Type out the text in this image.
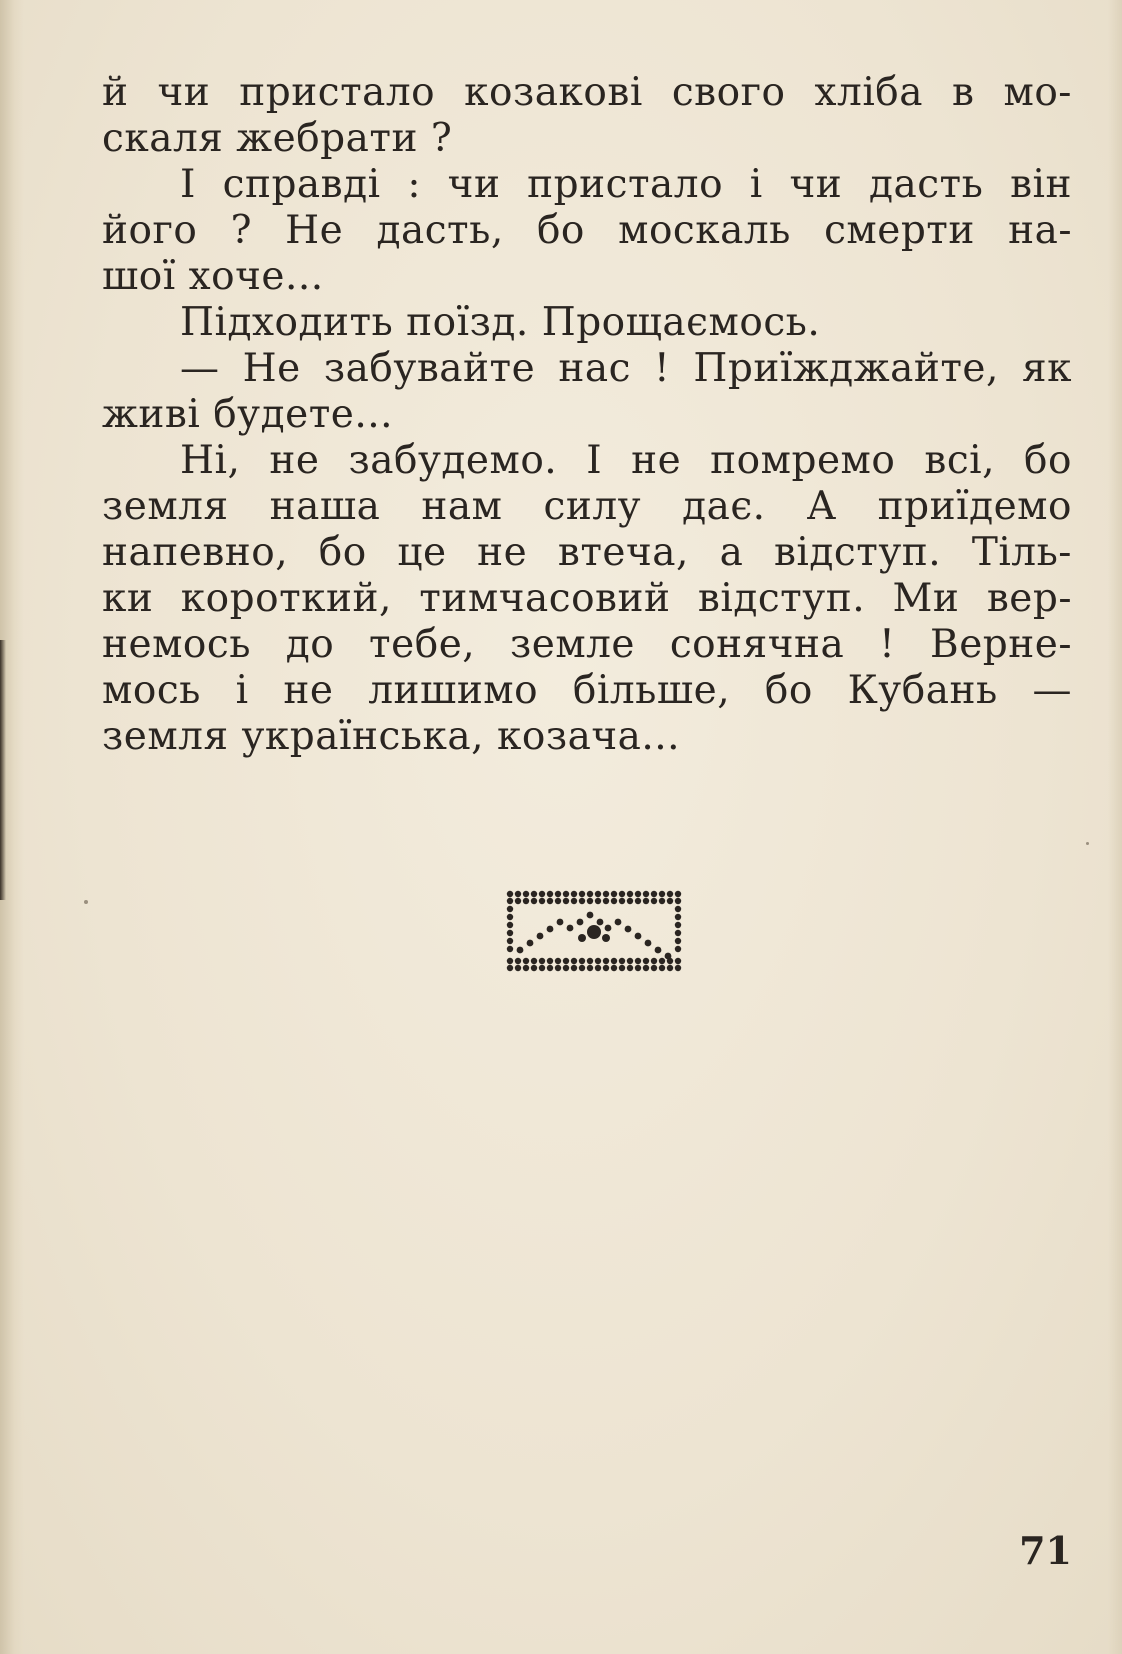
й чи пристало козакові свого хліба в мо-
скаля жебрати ?
І справді : чи пристало і чи дасть він
його ? Не дасть, бо москаль смерти на-
шої хоче...
Підходить поїзд. Прощаємось.
— Не забувайте нас ! Приїжджайте, як
живі будете...
Ні, не забудемо. І не помремо всі, бо
земля наша нам силу дає. А приїдемо
напевно, бо це не втеча, а відступ. Тіль-
ки короткий, тимчасовий відступ. Ми вер-
немось до тебе, земле сонячна ! Верне-
мось і не лишимо більше, бо Кубань —
земля українська, козача...
71
